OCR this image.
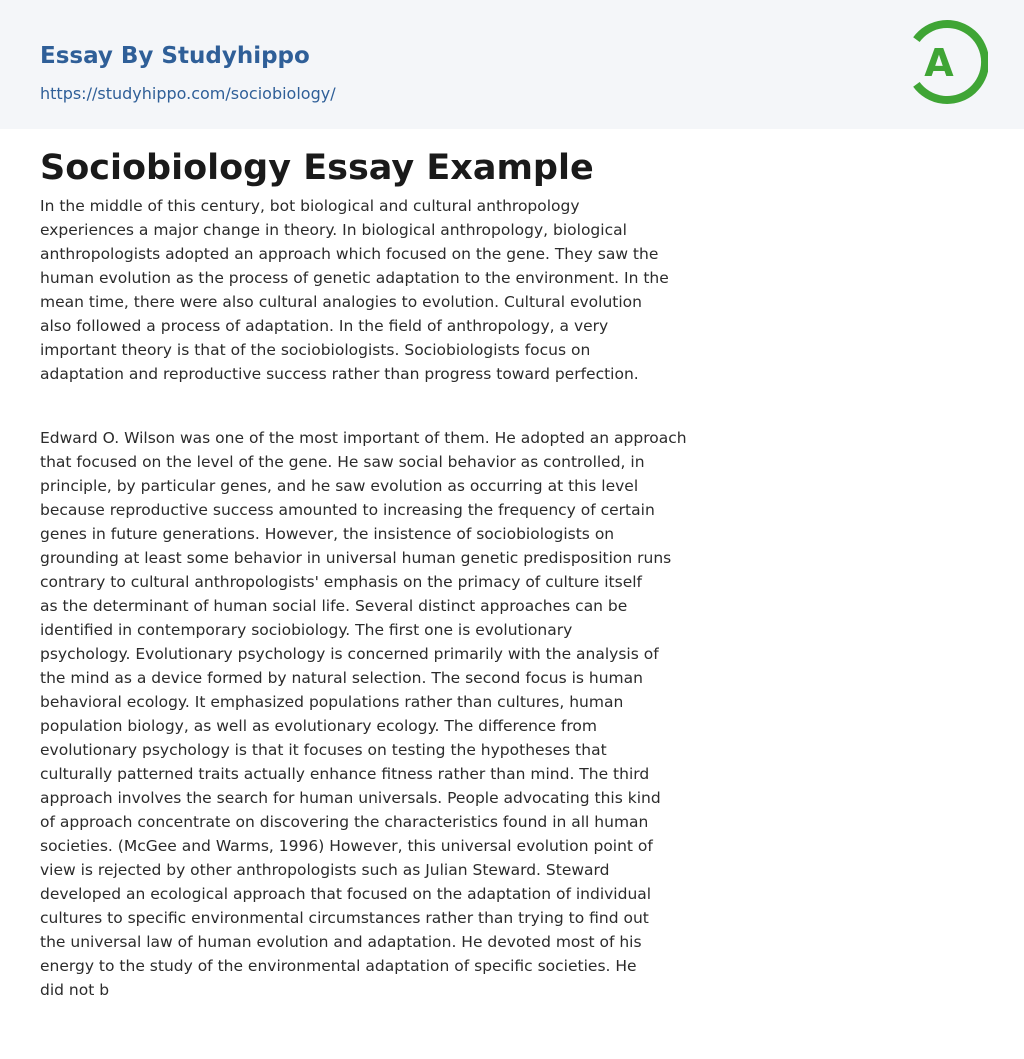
Essay By Studyhippo
https://studyhippo.com/sociobiology/
A
Sociobiology Essay Example

In the middle of this century, bot biological and cultural anthropology
experiences a major change in theory. In biological anthropology, biological
anthropologists adopted an approach which focused on the gene. They saw the
human evolution as the process of genetic adaptation to the environment. In the
mean time, there were also cultural analogies to evolution. Cultural evolution
also followed a process of adaptation. In the field of anthropology, a very
important theory is that of the sociobiologists. Sociobiologists focus on
adaptation and reproductive success rather than progress toward perfection.

Edward O. Wilson was one of the most important of them. He adopted an approach
that focused on the level of the gene. He saw social behavior as controlled, in
principle, by particular genes, and he saw evolution as occurring at this level
because reproductive success amounted to increasing the frequency of certain
genes in future generations. However, the insistence of sociobiologists on
grounding at least some behavior in universal human genetic predisposition runs
contrary to cultural anthropologists' emphasis on the primacy of culture itself
as the determinant of human social life. Several distinct approaches can be
identified in contemporary sociobiology. The first one is evolutionary
psychology. Evolutionary psychology is concerned primarily with the analysis of
the mind as a device formed by natural selection. The second focus is human
behavioral ecology. It emphasized populations rather than cultures, human
population biology, as well as evolutionary ecology. The difference from
evolutionary psychology is that it focuses on testing the hypotheses that
culturally patterned traits actually enhance fitness rather than mind. The third
approach involves the search for human universals. People advocating this kind
of approach concentrate on discovering the characteristics found in all human
societies. (McGee and Warms, 1996) However, this universal evolution point of
view is rejected by other anthropologists such as Julian Steward. Steward
developed an ecological approach that focused on the adaptation of individual
cultures to specific environmental circumstances rather than trying to find out
the universal law of human evolution and adaptation. He devoted most of his
energy to the study of the environmental adaptation of specific societies. He
did not b
